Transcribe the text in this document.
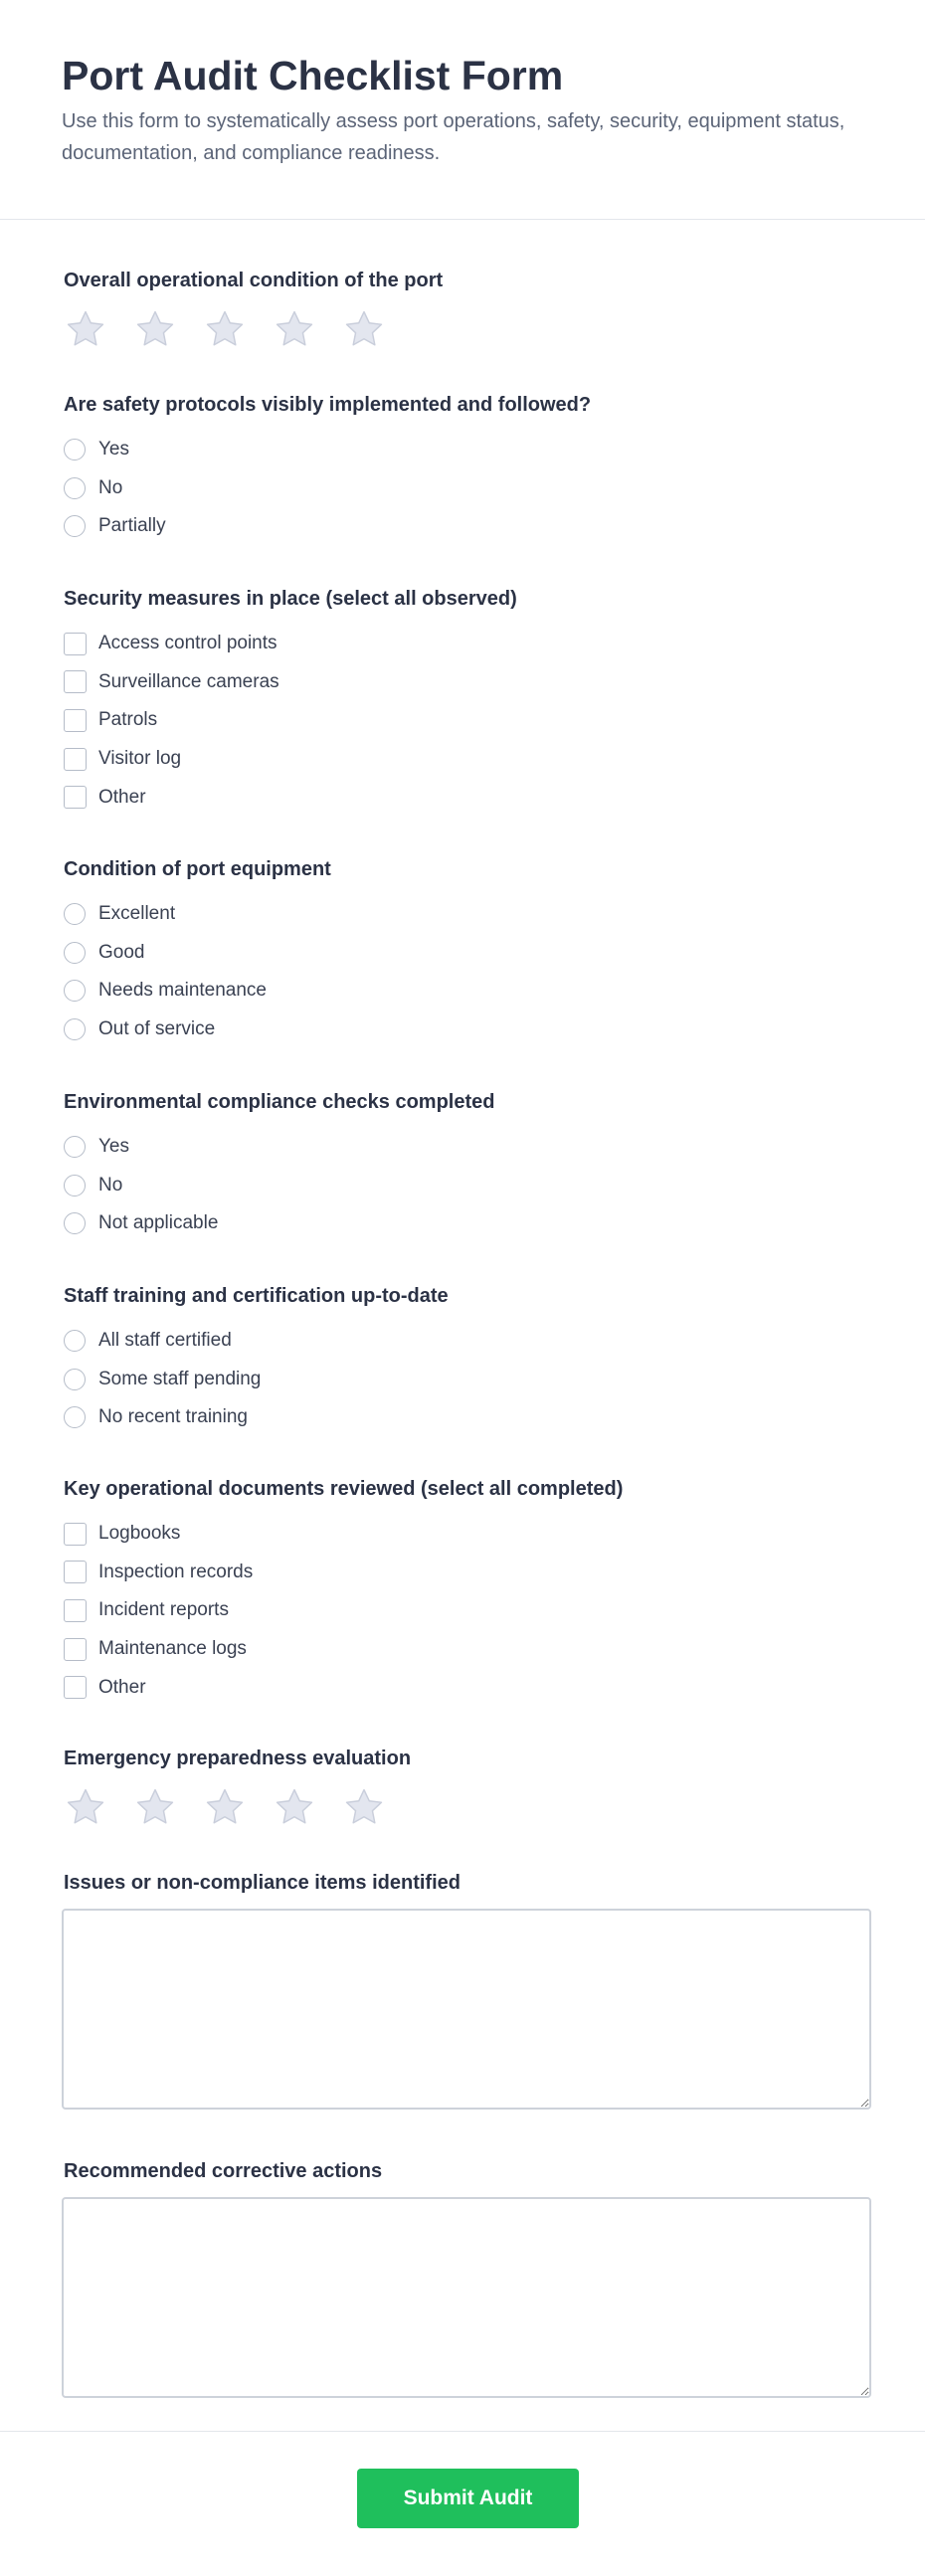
Port Audit Checklist Form

Use this form to systematically assess port operations, safety, security, equipment status, documentation, and compliance readiness.

Overall operational condition of the port
Are safety protocols visibly implemented and followed?
Yes
No
Partially
Security measures in place (select all observed)
Access control points
Surveillance cameras
Patrols
Visitor log
Other
Condition of port equipment
Excellent
Good
Needs maintenance
Out of service
Environmental compliance checks completed
Yes
No
Not applicable
Staff training and certification up-to-date
All staff certified
Some staff pending
No recent training
Key operational documents reviewed (select all completed)
Logbooks
Inspection records
Incident reports
Maintenance logs
Other
Emergency preparedness evaluation
Issues or non-compliance items identified
Recommended corrective actions
Submit Audit
